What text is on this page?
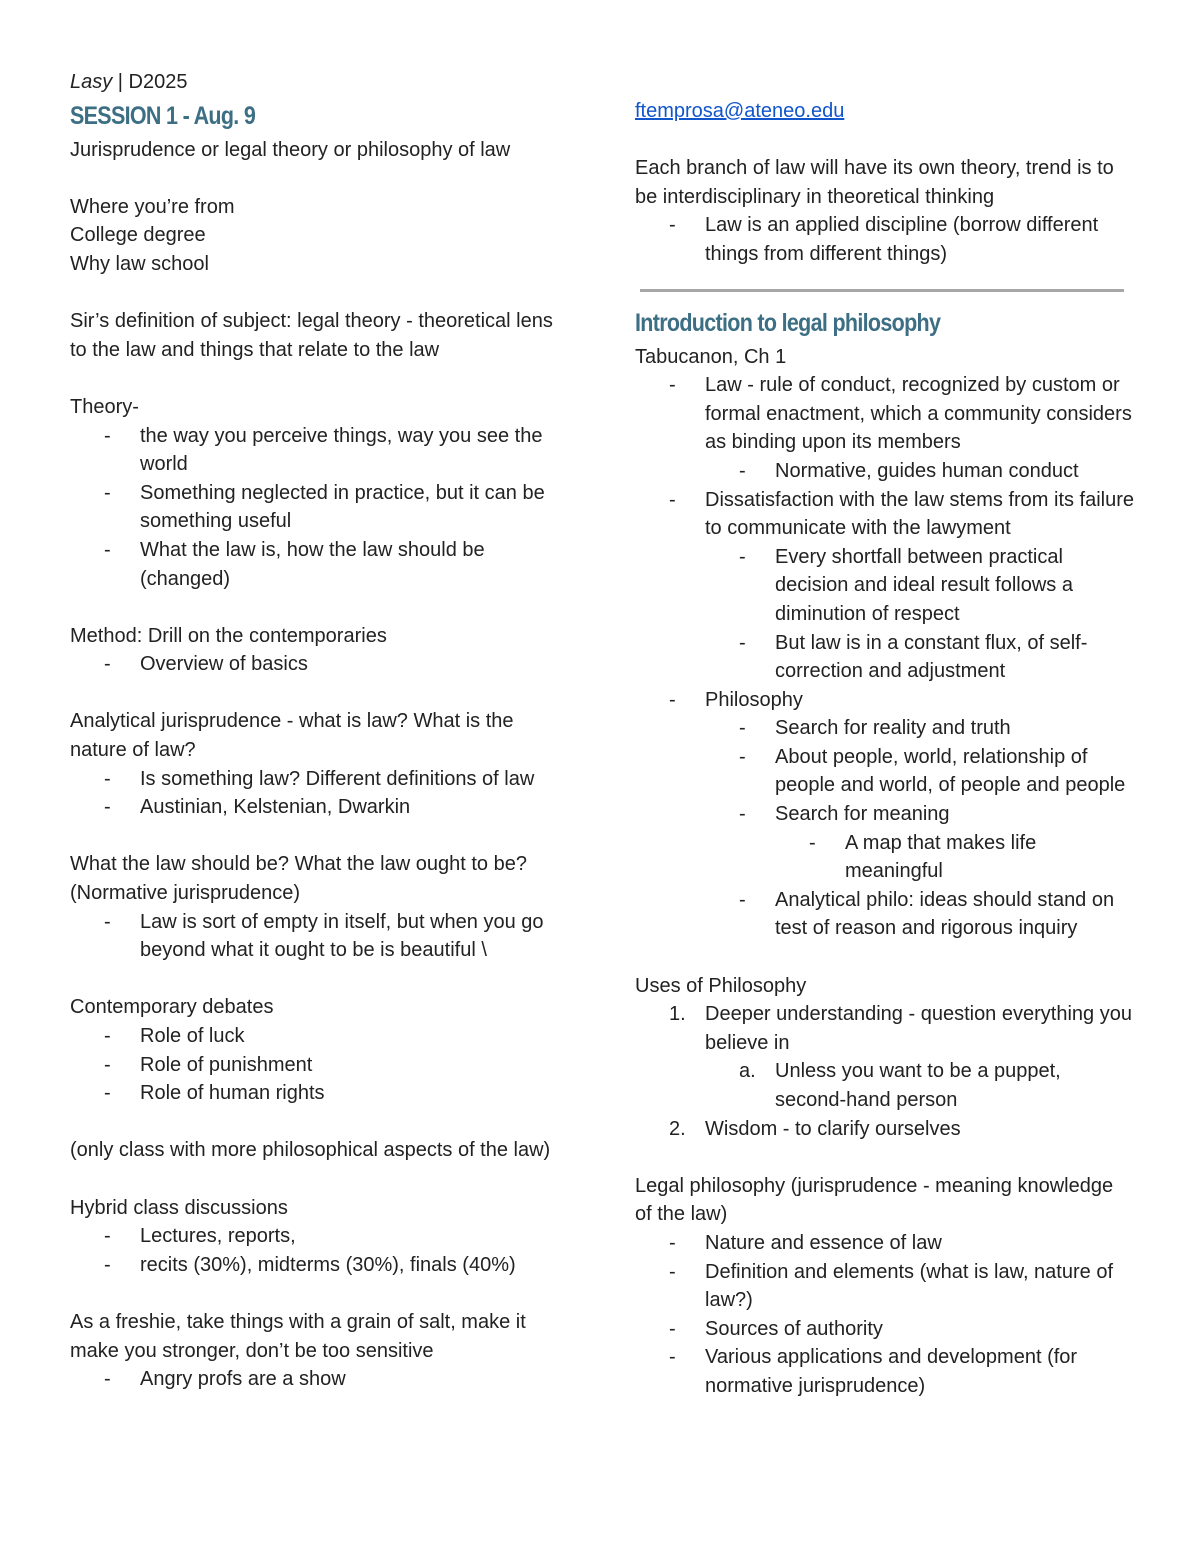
Lasy | D2025
SESSION 1 - Aug. 9

Jurisprudence or legal theory or philosophy of law

Where you’re from

College degree

Why law school

Sir’s definition of subject: legal theory - theoretical lens to the law and things that relate to the law

Theory-

- the way you perceive things, way you see the world
- Something neglected in practice, but it can be something useful
- What the law is, how the law should be (changed)

Method: Drill on the contemporaries

- Overview of basics

Analytical jurisprudence - what is law? What is the nature of law?

- Is something law? Different definitions of law
- Austinian, Kelstenian, Dwarkin

What the law should be? What the law ought to be? (Normative jurisprudence)

- Law is sort of empty in itself, but when you go beyond what it ought to be is beautiful \

Contemporary debates

- Role of luck
- Role of punishment
- Role of human rights

(only class with more philosophical aspects of the law)

Hybrid class discussions

- Lectures, reports,
- recits (30%), midterms (30%), finals (40%)

As a freshie, take things with a grain of salt, make it make you stronger, don’t be too sensitive

- Angry profs are a show

ftemprosa@ateneo.edu

Each branch of law will have its own theory, trend is to be interdisciplinary in theoretical thinking

- Law is an applied discipline (borrow different things from different things)
Introduction to legal philosophy

Tabucanon, Ch 1

- Law - rule of conduct, recognized by custom or formal enactment, which a community considers as binding upon its members
- Normative, guides human conduct
- Dissatisfaction with the law stems from its failure to communicate with the lawyment
- Every shortfall between practical decision and ideal result follows a diminution of respect
- But law is in a constant flux, of self-correction and adjustment
- Philosophy
- Search for reality and truth
- About people, world, relationship of people and world, of people and people
- Search for meaning
- A map that makes life meaningful
- Analytical philo: ideas should stand on test of reason and rigorous inquiry

Uses of Philosophy

1. Deeper understanding - question everything you believe in
a. Unless you want to be a puppet, second-hand person
2. Wisdom - to clarify ourselves

Legal philosophy (jurisprudence - meaning knowledge of the law)

- Nature and essence of law
- Definition and elements (what is law, nature of law?)
- Sources of authority
- Various applications and development (for normative jurisprudence)
